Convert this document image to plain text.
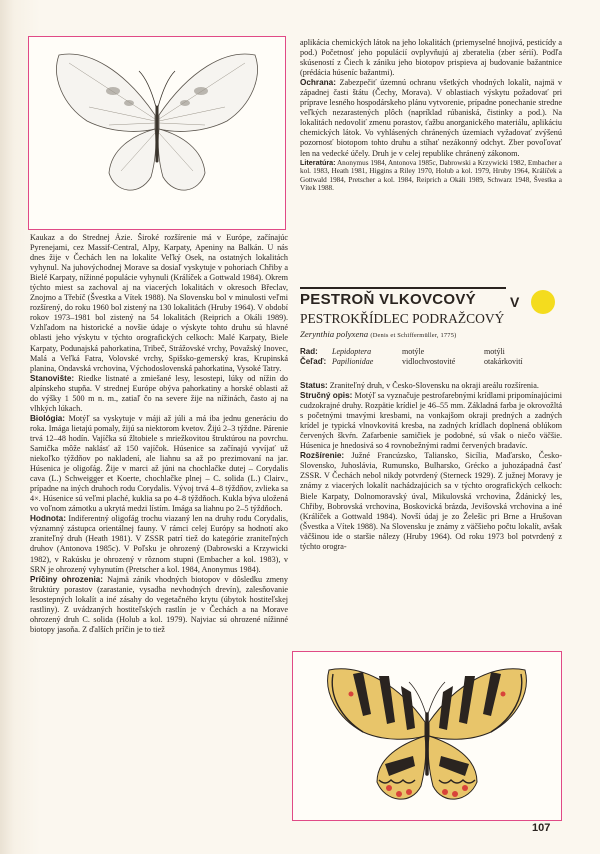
Kaukaz a do Strednej Ázie. Široké rozšírenie má v Európe, začínajúc Pyrenejami, cez Massif-Central, Alpy, Karpaty, Apeniny na Balkán. U nás dnes žije v Čechách len na lokalite Veľký Osek, na ostatných lokalitách vyhynul. Na juhovýchodnej Morave sa dosiaľ vyskytuje v pohoriach Chřiby a Bielé Karpaty, nížinné populácie vyhynuli (Králíček a Gottwald 1984). Okrem týchto miest sa zachoval aj na viacerých lokalitách v okresoch Břeclav, Znojmo a Třebíč (Švestka a Vítek 1988). Na Slovensku bol v minulosti veľmi rozšírený, do roku 1960 bol zistený na 130 lokalitách (Hruby 1964). V období rokov 1973–1981 bol zistený na 54 lokalitách (Reiprich a Okáli 1989). Vzhľadom na historické a novšie údaje o výskyte tohto druhu sú hlavné oblasti jeho výskytu v týchto orografických celkoch: Malé Karpaty, Biele Karpaty, Podunajská pahorkatina, Tribeč, Strážovské vrchy, Považský Inovec, Malá a Veľká Fatra, Volovské vrchy, Spišsko-gemerský kras, Krupinská planina, Ondavská vrchovina, Východoslovenská pahorkatina, Vysoké Tatry.

Stanovište: Riedke listnaté a zmiešané lesy, lesostepi, lúky od nížin do alpínskeho stupňa. V strednej Európe obýva pahorkatiny a horské oblasti až do výšky 1 500 m n. m., zatiaľ čo na severe žije na nížinách, často aj na vlhkých lúkach.

Biológia: Motýľ sa vyskytuje v máji až júli a má iba jednu generáciu do roka. Imága lietajú pomaly, žijú sa niektorom kvetov. Žijú 2–3 týždne. Párenie trvá 12–48 hodín. Vajíčka sú žltobiele s mriežkovitou štruktúrou na povrchu. Samička môže naklásť až 150 vajíčok. Húsenice sa začínajú vyvíjať už niekoľko týždňov po nakladení, ale liahnu sa až po prezimovaní na jar. Húsenica je oligofág. Žije v marci až júni na chochlačke dutej – Corydalis cava (L.) Schweigger et Koerte, chochlačke plnej – C. solida (L.) Clairv., prípadne na iných druhoch rodu Corydalis. Vývoj trvá 4–8 týždňov, zvlieka sa 4×. Húsenice sú veľmi plaché, kuklia sa po 4–8 týždňoch. Kukla býva uložená vo voľnom zámotku a ukrytá medzi lístím. Imága sa liahnu po 2–5 týždňoch.

Hodnota: Indiferentný oligofág trochu viazaný len na druhy rodu Corydalis, významný zástupca orientálnej fauny. V rámci celej Európy sa hodnotí ako zraniteľný druh (Heath 1981). V ZSSR patrí tiež do kategórie zraniteľných druhov (Antonova 1985c). V Poľsku je ohrozený (Dabrowski a Krzywicki 1982), v Rakúsku je ohrozený v rôznom stupni (Embacher a kol. 1983), v SRN je ohrozený vyhynutím (Pretscher a kol. 1984, Anonymus 1984).

Príčiny ohrozenia: Najmä zánik vhodných biotopov v dôsledku zmeny štruktúry porastov (zarastanie, vysadba nevhodných drevín), zalesňovanie lesostepných lokalít a iné zásahy do vegetačného krytu (úbytok hostiteľskej rastliny). Z uvádzaných hostiteľských rastlín je v Čechách a na Morave ohrozený druh C. solida (Holub a kol. 1979). Najviac sú ohrozené nížinné biotopy jasoňa. Z ďalších príčin je to tiež

aplikácia chemických látok na jeho lokalitách (priemyselné hnojivá, pesticídy a pod.) Početnosť jeho populácií ovplyvňujú aj zberatelia (zber sérií). Podľa skúseností z Čiech k zániku jeho biotopov prispieva aj budovanie bažantnice (prédácia húseníc bažantmi).

Ochrana: Zabezpečiť územnú ochranu všetkých vhodných lokalít, najmä v západnej časti štátu (Čechy, Morava). V oblastiach výskytu požadovať pri príprave lesného hospodárskeho plánu vytvorenie, prípadne ponechanie stredne veľkých nezarastených plôch (napríklad rúbaniská, čistinky a pod.). Na lokalitách nedovoliť zmenu porastov, ťažbu anorganického materiálu, aplikáciu chemických látok. Vo vyhlásených chránených územiach vyžadovať zvýšenú pozornosť biotopom tohto druhu a stíhať nezákonný odchyt. Zber povoľovať len na vedecké účely. Druh je v celej republike chránený zákonom.

Literatúra: Anonymus 1984, Antonova 1985c, Dabrowski a Krzywicki 1982, Embacher a kol. 1983, Heath 1981, Higgins a Riley 1970, Holub a kol. 1979, Hruby 1964, Králíček a Gottwald 1984, Pretscher a kol. 1984, Reiprich a Okáli 1989, Schwarz 1948, Švestka a Vítek 1988.

PESTROŇ VLKOVCOVÝ V
PESTROKŘÍDLEC PODRAŽCOVÝ
Zerynthia polyxena (Denis et Schiffermüller, 1775)
Rad: Lepidoptera	motýle	motýli
Čeľaď: Papilionidae	vidlochvostovité	otakárkovití

Status: Zraniteľný druh, v Česko-Slovensku na okraji areálu rozšírenia.

Stručný opis: Motýľ sa vyznačuje pestrofarebnými krídlami pripomínajúcimi cudzokrajné druhy. Rozpätie krídiel je 46–55 mm. Základná farba je okrovožltá s početnými tmavými kresbami, na vonkajšom okraji predných a zadných krídel je typická vlnovkovitá kresba, na zadných krídlach doplnená oblúkom červených škvŕn. Zafarbenie samičiek je podobné, sú však o niečo väčšie. Húsenica je hnedosivá so 4 rovnobežnými radmi červených bradavíc.

Rozšírenie: Južné Francúzsko, Taliansko, Sicília, Maďarsko, Česko-Slovensko, Juhoslávia, Rumunsko, Bulharsko, Grécko a juhozápadná časť ZSSR. V Čechách nebol nikdy potvrdený (Sterneck 1929). Z južnej Moravy je známy z viacerých lokalít nachádzajúcich sa v týchto orografických celkoch: Biele Karpaty, Dolnomoravský úval, Mikulovská vrchovina, Ždánický les, Chřiby, Bobrovská vrchovina, Boskovická brázda, Jevišovská vrchovina a iné (Králíček a Gottwald 1984). Novší údaj je zo Želešic pri Brne a Hrušovan (Švestka a Vítek 1988). Na Slovensku je známy z väčšieho počtu lokalít, avšak väčšinou ide o staršie nálezy (Hruby 1964). Od roku 1973 bol potvrdený z týchto orogra-

107
